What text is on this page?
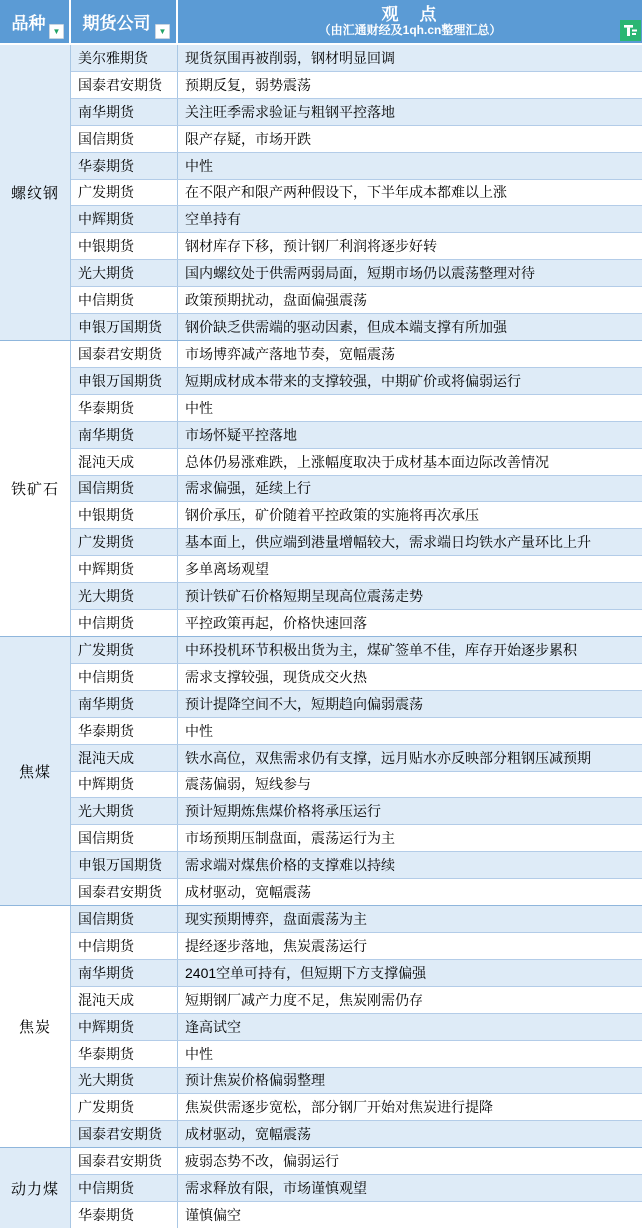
品种 ▼ 期货公司	▼
观　点
（由汇通财经及1qh.cn整理汇总）
螺纹钢
美尔雅期货	现货氛围再被削弱，钢材明显回调
国泰君安期货	预期反复，弱势震荡
南华期货	关注旺季需求验证与粗钢平控落地
国信期货	限产存疑，市场开跌
华泰期货	中性
广发期货	在不限产和限产两种假设下，下半年成本都难以上涨
中辉期货	空单持有
中银期货	钢材库存下移，预计钢厂利润将逐步好转
光大期货	国内螺纹处于供需两弱局面，短期市场仍以震荡整理对待
中信期货	政策预期扰动，盘面偏强震荡
申银万国期货	钢价缺乏供需端的驱动因素，但成本端支撑有所加强
铁矿石
国泰君安期货	市场博弈减产落地节奏，宽幅震荡
申银万国期货	短期成材成本带来的支撑较强，中期矿价或将偏弱运行
华泰期货	中性
南华期货	市场怀疑平控落地
混沌天成	总体仍易涨难跌，上涨幅度取决于成材基本面边际改善情况
国信期货	需求偏强，延续上行
中银期货	钢价承压，矿价随着平控政策的实施将再次承压
广发期货	基本面上，供应端到港量增幅较大，需求端日均铁水产量环比上升
中辉期货	多单离场观望
光大期货	预计铁矿石价格短期呈现高位震荡走势
中信期货	平控政策再起，价格快速回落
焦煤
广发期货	中环投机环节积极出货为主，煤矿签单不佳，库存开始逐步累积
中信期货	需求支撑较强，现货成交火热
南华期货	预计提降空间不大，短期趋向偏弱震荡
华泰期货	中性
混沌天成	铁水高位，双焦需求仍有支撑，远月贴水亦反映部分粗钢压减预期
中辉期货	震荡偏弱，短线参与
光大期货	预计短期炼焦煤价格将承压运行
国信期货	市场预期压制盘面，震荡运行为主
申银万国期货	需求端对煤焦价格的支撑难以持续
国泰君安期货	成材驱动，宽幅震荡
焦炭
国信期货	现实预期博弈，盘面震荡为主
中信期货	提经逐步落地，焦炭震荡运行
南华期货	2401空单可持有，但短期下方支撑偏强
混沌天成	短期钢厂减产力度不足，焦炭刚需仍存
中辉期货	逢高试空
华泰期货	中性
光大期货	预计焦炭价格偏弱整理
广发期货	焦炭供需逐步宽松，部分钢厂开始对焦炭进行提降
国泰君安期货	成材驱动，宽幅震荡
动力煤
国泰君安期货	疲弱态势不改，偏弱运行
中信期货	需求释放有限，市场谨慎观望
华泰期货	谨慎偏空
